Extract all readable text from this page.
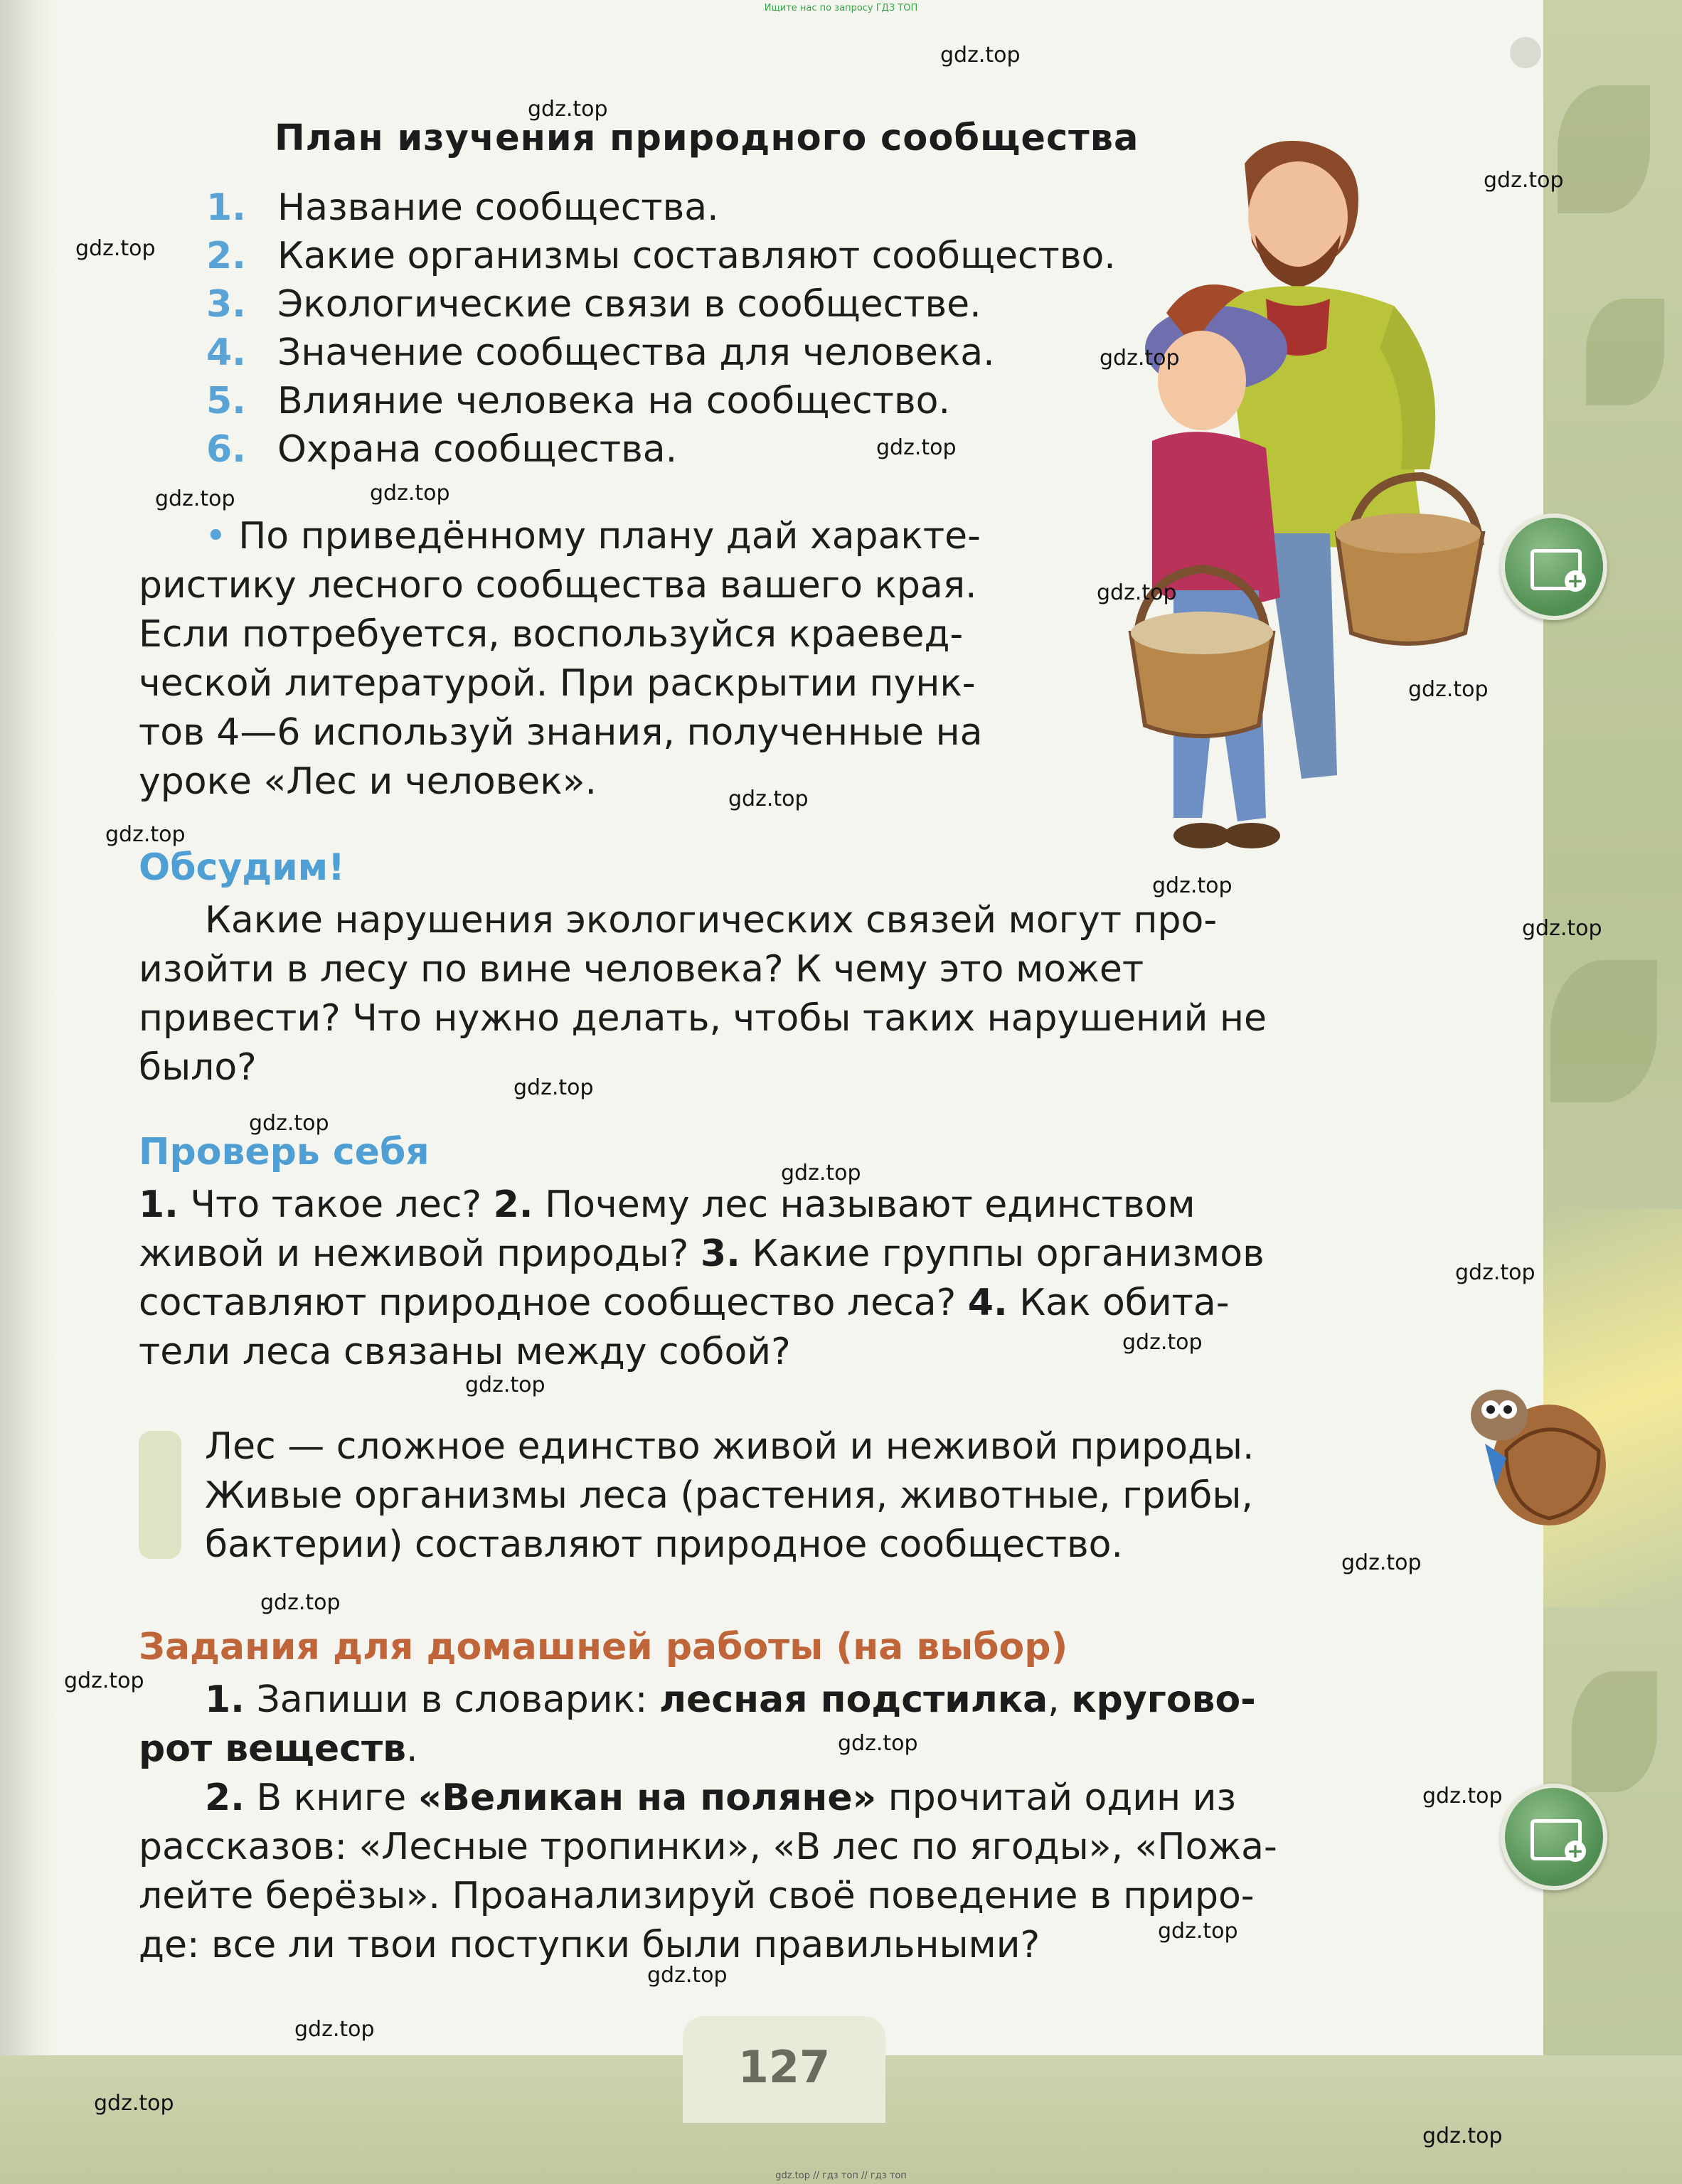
Ищите нас по запросу ГДЗ ТОП
План изучения природного сообщества
1. Название сообщества.
2. Какие организмы составляют сообщество.
3. Экологические связи в сообществе.
4. Значение сообщества для человека.
5. Влияние человека на сообщество.
6. Охрана сообщества.
+
+
• По приведённому плану дай характе-
ристику лесного сообщества вашего края.
Если потребуется, воспользуйся краевед-
ческой литературой. При раскрытии пунк-
тов 4—6 используй знания, полученные на
уроке «Лес и человек».
Обсудим!
Какие нарушения экологических связей могут про-
изойти в лесу по вине человека? К чему это может
привести? Что нужно делать, чтобы таких нарушений не
было?
Проверь себя
1. Что такое лес? 2. Почему лес называют единством
живой и неживой природы? 3. Какие группы организмов
составляют природное сообщество леса? 4. Как обита-
тели леса связаны между собой?
Лес — сложное единство живой и неживой природы.
Живые организмы леса (растения, животные, грибы,
бактерии) составляют природное сообщество.
Задания для домашней работы (на выбор)
1. Запиши в словарик: лесная подстилка, кругово-
рот веществ.
2. В книге «Великан на поляне» прочитай один из
рассказов: «Лесные тропинки», «В лес по ягоды», «Пожа-
лейте берёзы». Проанализируй своё поведение в приро-
де: все ли твои поступки были правильными?
127
gdz.top // гдз топ // гдз топ
gdz.top
gdz.top
gdz.top
gdz.top
gdz.top
gdz.top
gdz.top
gdz.top
gdz.top
gdz.top
gdz.top
gdz.top
gdz.top
gdz.top
gdz.top
gdz.top
gdz.top
gdz.top
gdz.top
gdz.top
gdz.top
gdz.top
gdz.top
gdz.top
gdz.top
gdz.top
gdz.top
gdz.top
gdz.top
gdz.top
